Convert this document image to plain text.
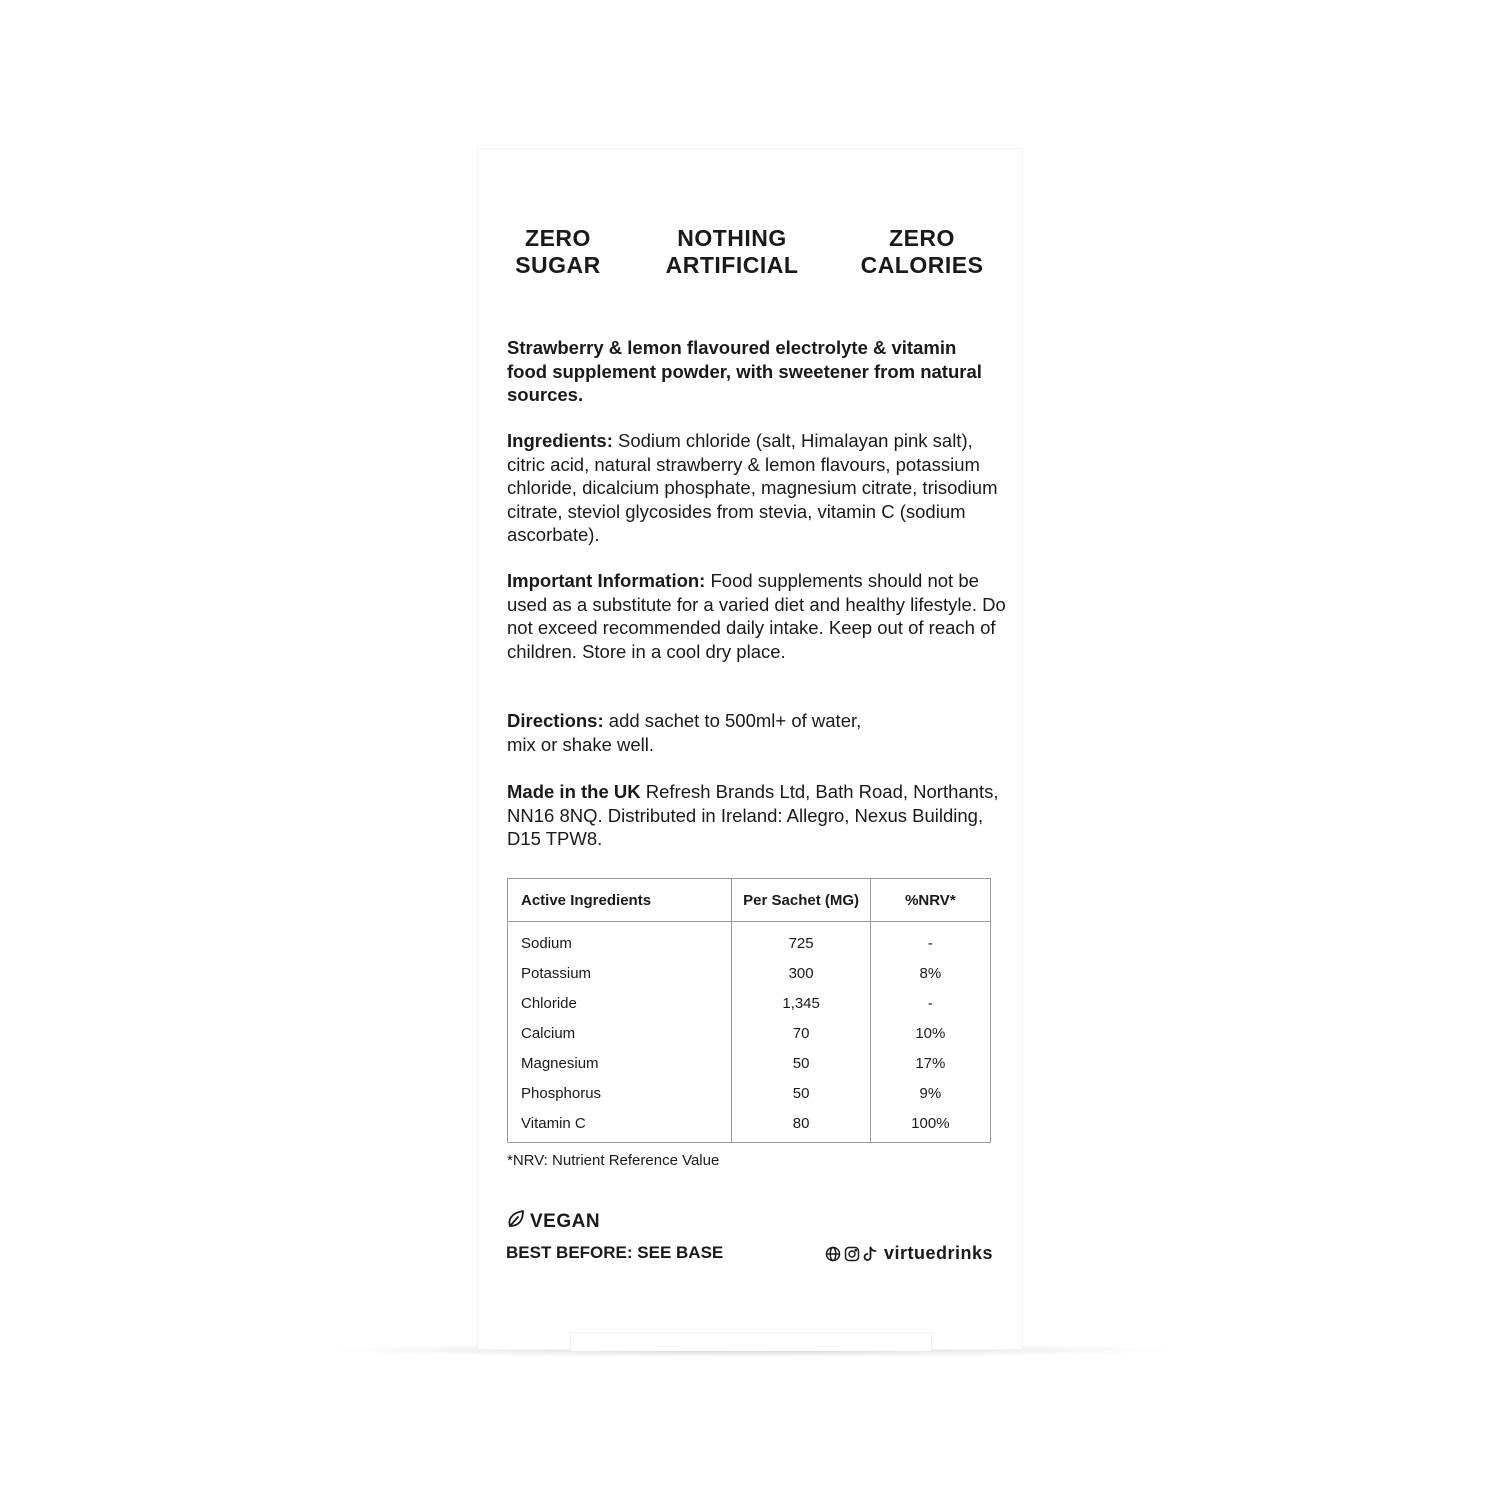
ZERO
SUGAR
NOTHING
ARTIFICIAL
ZERO
CALORIES

Strawberry & lemon flavoured electrolyte & vitamin food supplement powder, with sweetener from natural sources.

Ingredients: Sodium chloride (salt, Himalayan pink salt), citric acid, natural strawberry & lemon flavours, potassium chloride, dicalcium phosphate, magnesium citrate, trisodium citrate, steviol glycosides from stevia, vitamin C (sodium ascorbate).

Important Information: Food supplements should not be used as a substitute for a varied diet and healthy lifestyle. Do not exceed recommended daily intake. Keep out of reach of children. Store in a cool dry place.

Directions: add sachet to 500ml+ of water,
mix or shake well.

Made in the UK Refresh Brands Ltd, Bath Road, Northants, NN16 8NQ. Distributed in Ireland: Allegro, Nexus Building, D15 TPW8.

Active Ingredients	Per Sachet (MG)	%NRV*
Sodium	725	-
Potassium	300	8%
Chloride	1,345	-
Calcium	70	10%
Magnesium	50	17%
Phosphorus	50	9%
Vitamin C	80	100%
*NRV: Nutrient Reference Value
VEGAN
BEST BEFORE: SEE BASE	virtuedrinks
